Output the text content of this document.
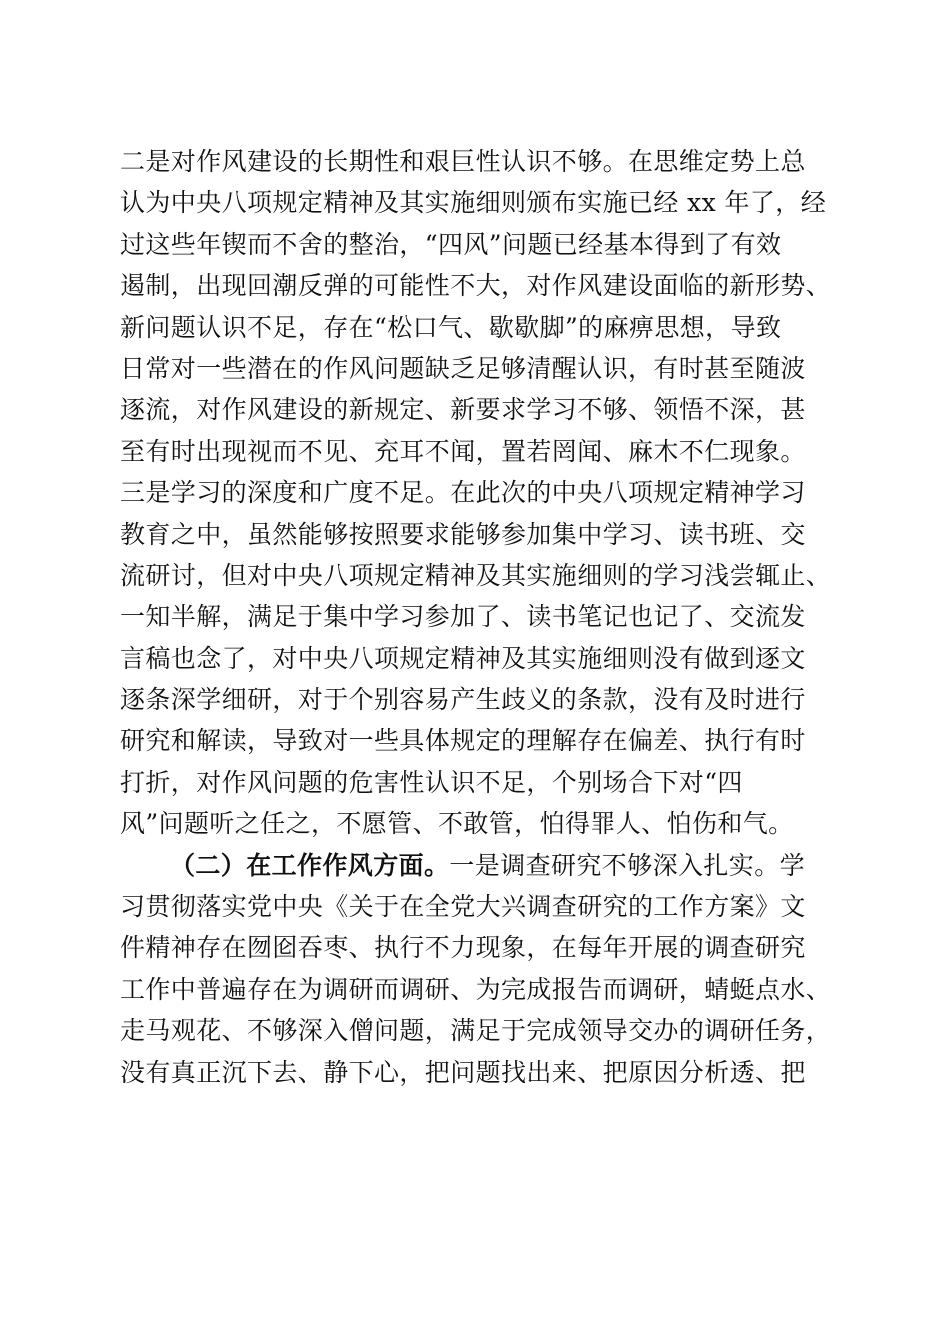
二是对作风建设的长期性和艰巨性认识不够。在思维定势上总
认为中央八项规定精神及其实施细则颁布实施已经 xx 年了，经
过这些年锲而不舍的整治，“四风”问题已经基本得到了有效
遏制，出现回潮反弹的可能性不大，对作风建设面临的新形势、
新问题认识不足，存在“松口气、歇歇脚”的麻痹思想，导致
日常对一些潜在的作风问题缺乏足够清醒认识，有时甚至随波
逐流，对作风建设的新规定、新要求学习不够、领悟不深，甚
至有时出现视而不见、充耳不闻，置若罔闻、麻木不仁现象。
三是学习的深度和广度不足。在此次的中央八项规定精神学习
教育之中，虽然能够按照要求能够参加集中学习、读书班、交
流研讨，但对中央八项规定精神及其实施细则的学习浅尝辄止、
一知半解，满足于集中学习参加了、读书笔记也记了、交流发
言稿也念了，对中央八项规定精神及其实施细则没有做到逐文
逐条深学细研，对于个别容易产生歧义的条款，没有及时进行
研究和解读，导致对一些具体规定的理解存在偏差、执行有时
打折，对作风问题的危害性认识不足，个别场合下对“四
风”问题听之任之，不愿管、不敢管，怕得罪人、怕伤和气。
（二）在工作作风方面。一是调查研究不够深入扎实。学
习贯彻落实党中央《关于在全党大兴调查研究的工作方案》文
件精神存在囫囵吞枣、执行不力现象，在每年开展的调查研究
工作中普遍存在为调研而调研、为完成报告而调研，蜻蜓点水、
走马观花、不够深入僧问题，满足于完成领导交办的调研任务，
没有真正沉下去、静下心，把问题找出来、把原因分析透、把
